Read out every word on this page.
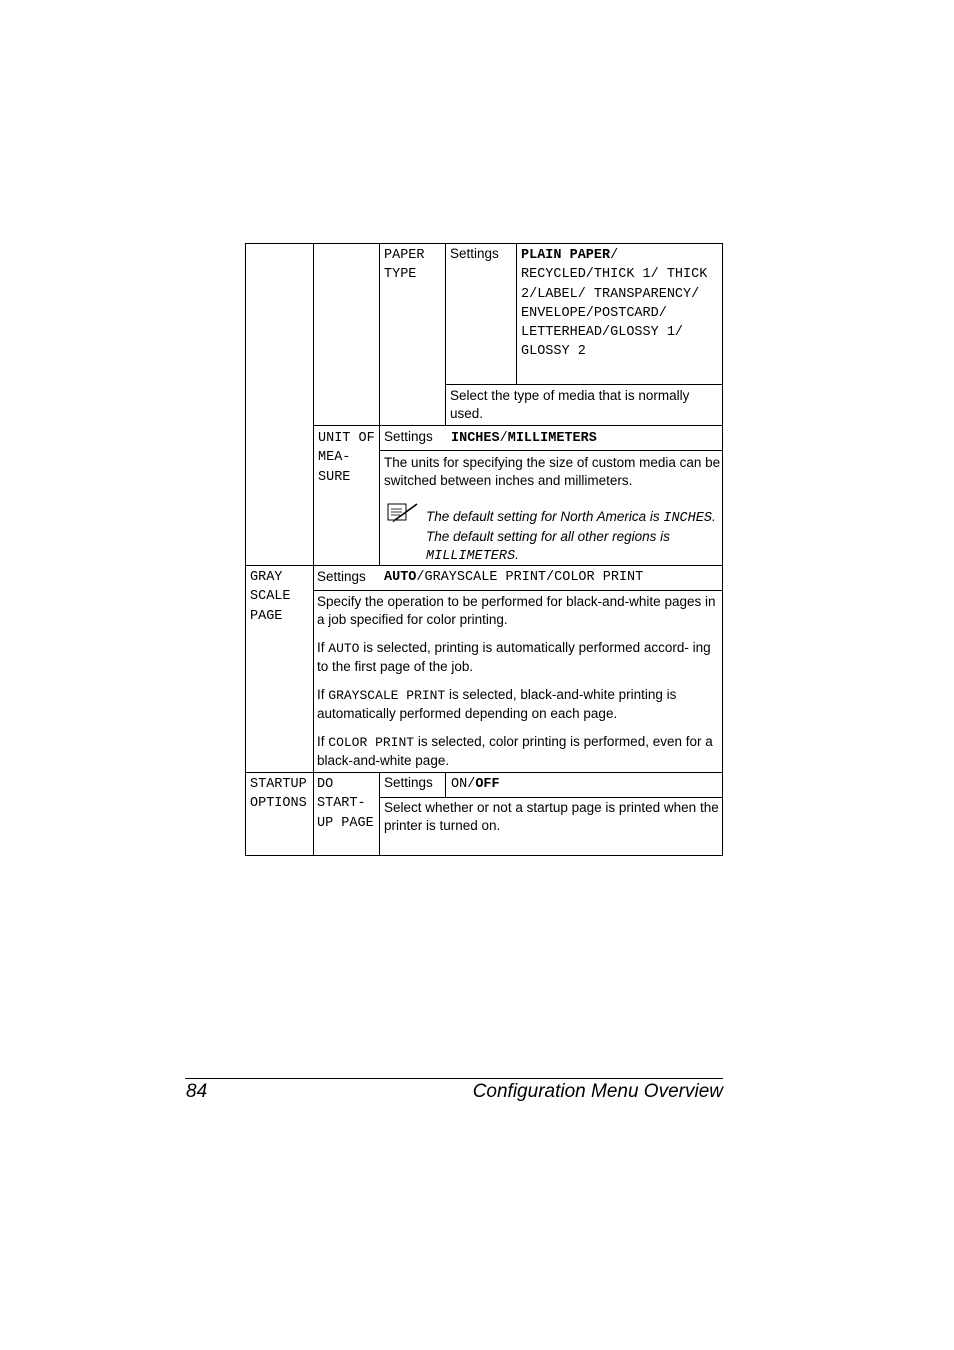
PAPER TYPE
Settings PLAIN PAPER/ RECYCLED/THICK 1/ THICK 2/LABEL/ TRANSPARENCY/ ENVELOPE/POSTCARD/ LETTERHEAD/GLOSSY 1/ GLOSSY 2
Select the type of media that is normally used.
UNIT OF MEA- SURE
Settings INCHES/MILLIMETERS
The units for specifying the size of custom media can be switched between inches and millimeters.
The default setting for North America is INCHES. The default setting for all other regions is MILLIMETERS.
GRAY SCALE PAGE
Settings AUTO/GRAYSCALE PRINT/COLOR PRINT

Specify the operation to be performed for black-and-white pages in a job specified for color printing.

If AUTO is selected, printing is automatically performed accord- ing to the first page of the job.

If GRAYSCALE PRINT is selected, black-and-white printing is automatically performed depending on each page.

If COLOR PRINT is selected, color printing is performed, even for a black-and-white page.

STARTUP OPTIONS
DO START- UP PAGE
Settings ON/OFF
Select whether or not a startup page is printed when the printer is turned on.
84	Configuration Menu Overview
